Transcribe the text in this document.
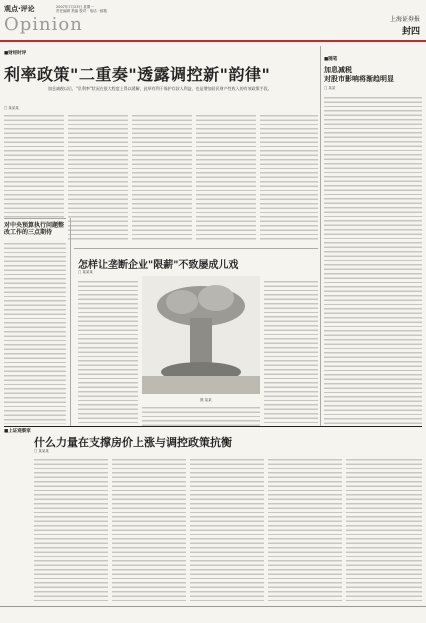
观点·评论	2007年7月23日 星期一
责任编辑 美编 校对 · 电话 · 邮箱
Opinion	上海证券报
封四
■财经时评
利率政策"二重奏"透露调控新"韵律"
加息减税以后，"负利率"状况在很大程度上得以缓解，此举有利于保护存款人利益，也是增加居民财产性收入的有效政策手段。
□ 某某某
■随笔
加息减税
对股市影响将渐趋明显
□ 某某
对中央预算执行问题整改工作的三点期待
怎样让垄断企业"限薪"不致屡成儿戏
□ 某某某
图 某某
■上证观察家
什么力量在支撑房价上涨与调控政策抗衡
□ 某某某
